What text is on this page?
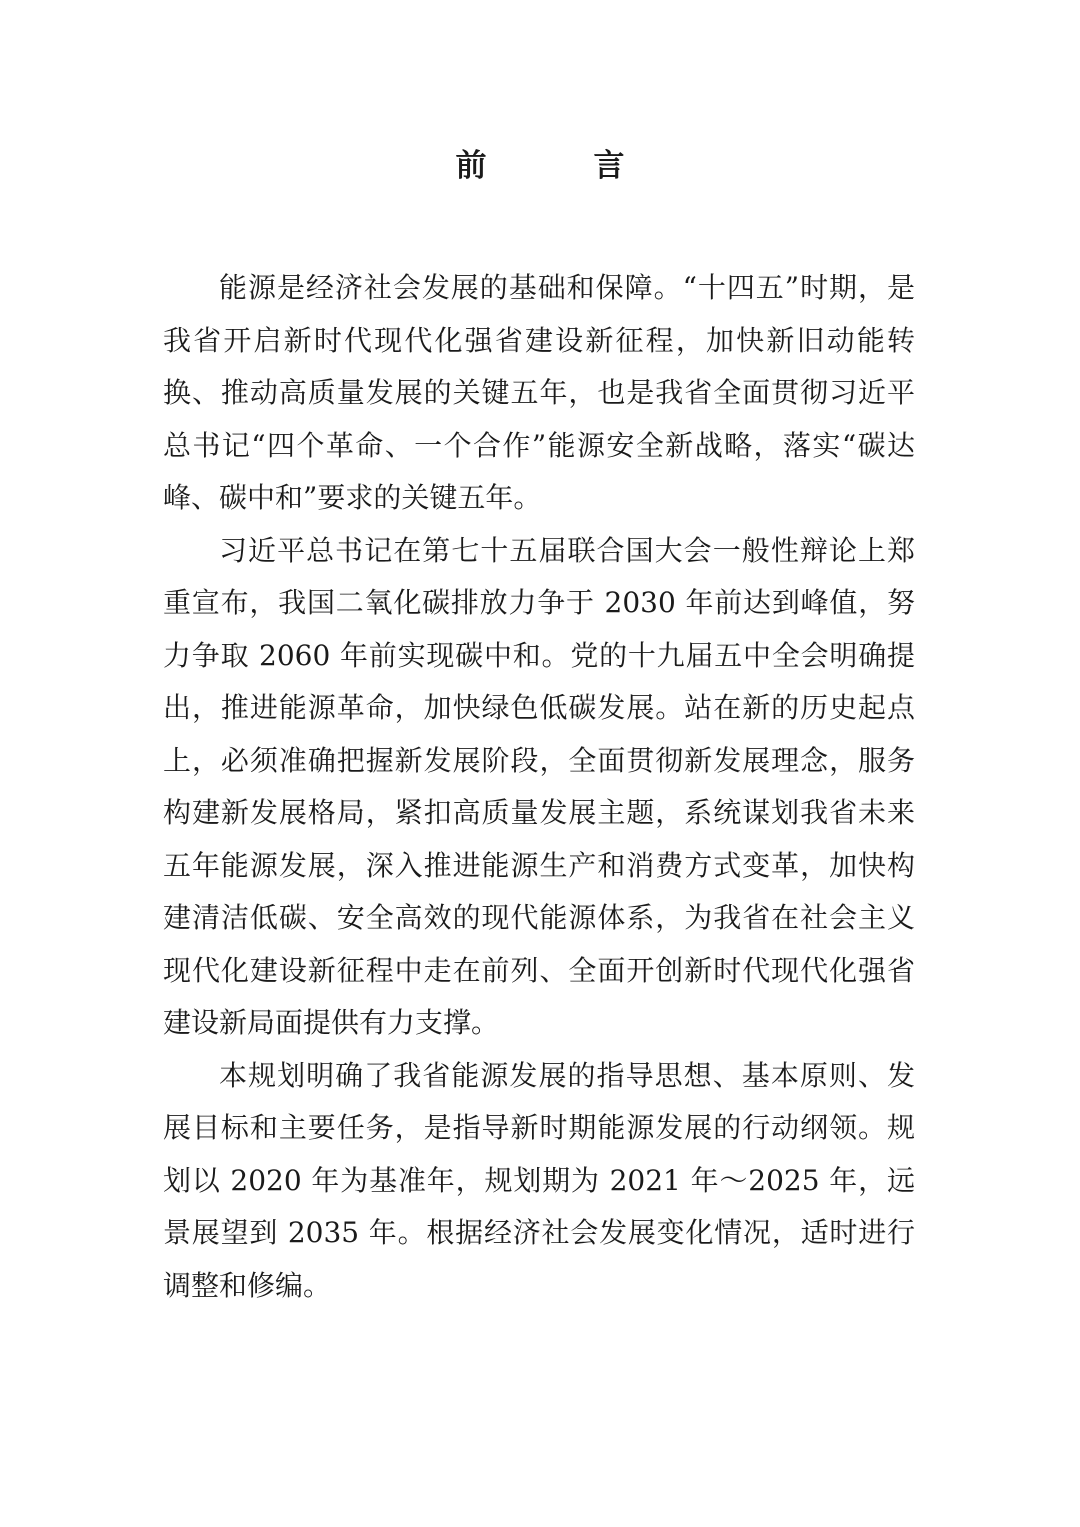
前　言

能源是经济社会发展的基础和保障。“十四五”时期，是我省开启新时代现代化强省建设新征程，加快新旧动能转换、推动高质量发展的关键五年，也是我省全面贯彻习近平总书记“四个革命、一个合作”能源安全新战略，落实“碳达峰、碳中和”要求的关键五年。

习近平总书记在第七十五届联合国大会一般性辩论上郑重宣布，我国二氧化碳排放力争于 2030 年前达到峰值，努力争取 2060 年前实现碳中和。党的十九届五中全会明确提出，推进能源革命，加快绿色低碳发展。站在新的历史起点上，必须准确把握新发展阶段，全面贯彻新发展理念，服务构建新发展格局，紧扣高质量发展主题，系统谋划我省未来五年能源发展，深入推进能源生产和消费方式变革，加快构建清洁低碳、安全高效的现代能源体系，为我省在社会主义现代化建设新征程中走在前列、全面开创新时代现代化强省建设新局面提供有力支撑。

本规划明确了我省能源发展的指导思想、基本原则、发展目标和主要任务，是指导新时期能源发展的行动纲领。规划以 2020 年为基准年，规划期为 2021 年～2025 年，远景展望到 2035 年。根据经济社会发展变化情况，适时进行调整和修编。
